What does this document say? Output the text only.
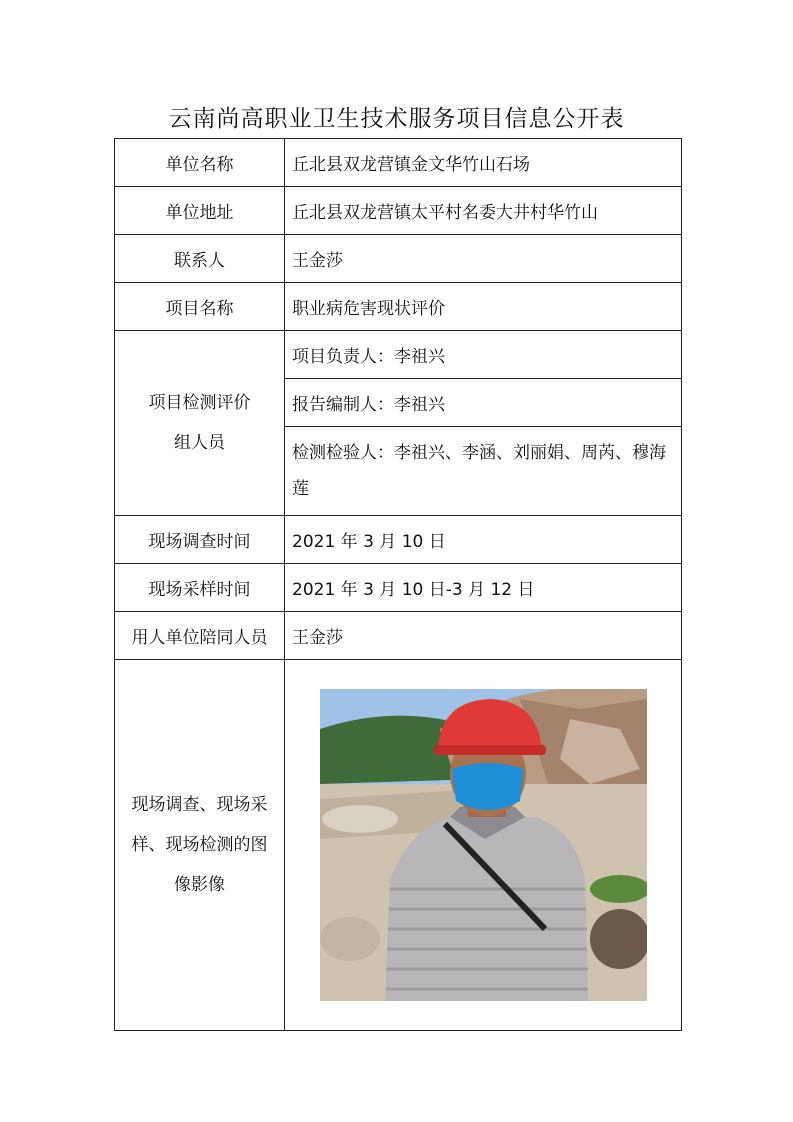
云南尚高职业卫生技术服务项目信息公开表
单位名称	丘北县双龙营镇金文华竹山石场
单位地址	丘北县双龙营镇太平村名委大井村华竹山
联系人	王金莎
项目名称	职业病危害现状评价

项目检测评价
组人员	项目负责人：李祖兴
	报告编制人：李祖兴
	检测检验人：李祖兴、李涵、刘丽娟、周芮、穆海莲
现场调查时间	2021 年 3 月 10 日
现场采样时间	2021 年 3 月 10 日-3 月 12 日
用人单位陪同人员	王金莎

现场调查、现场采
样、现场检测的图
像影像
